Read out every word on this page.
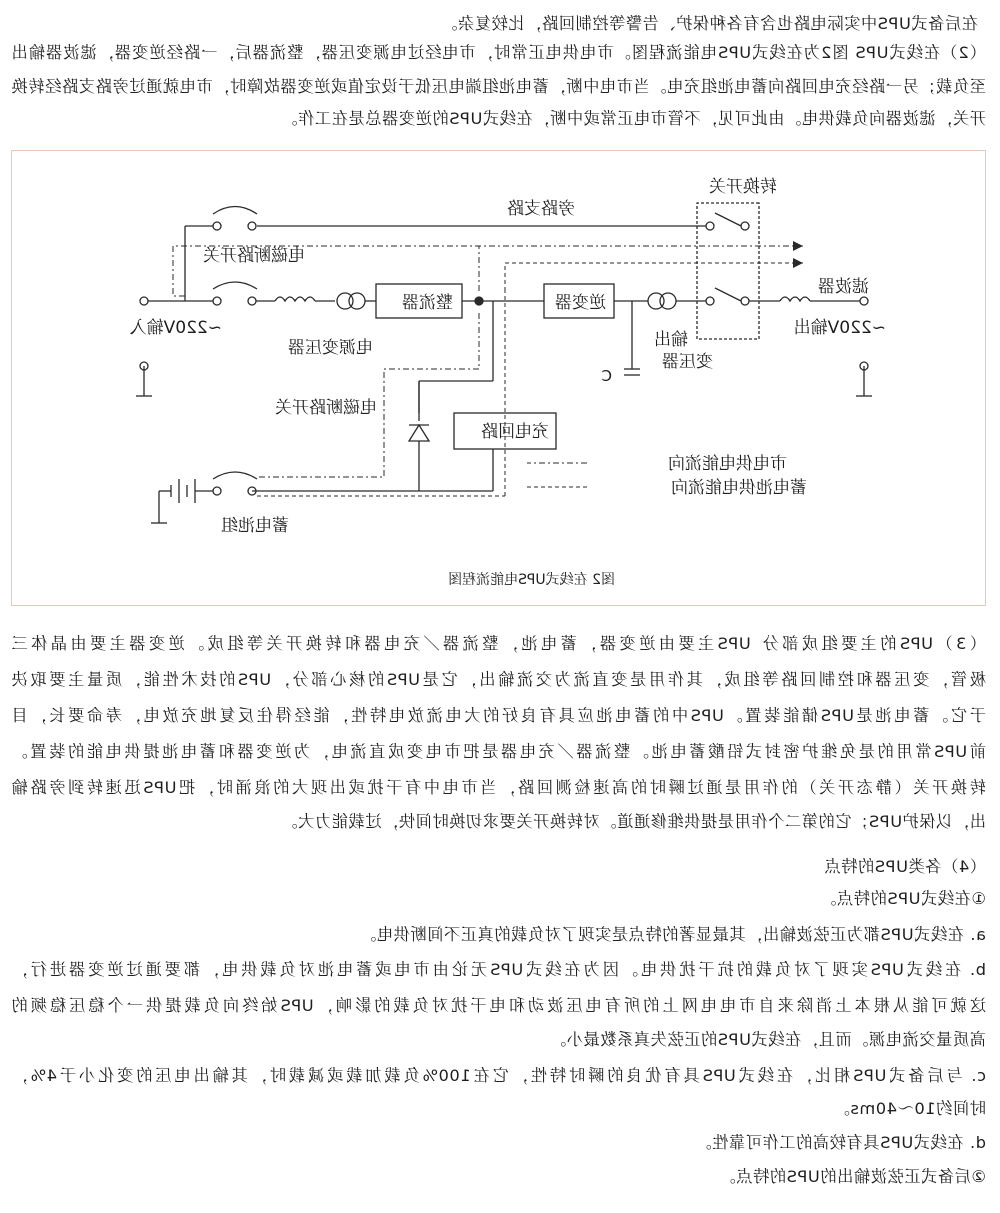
在后备式UPS中实际电路也含有各种保护、告警等控制回路，比较复杂。
（2）在线式UPS 图2为在线式UPS电能流程图。市电供电正常时，市电经过电源变压器，整流器后，一路经逆变器，滤波器输出
至负载；另一路经充电回路向蓄电池组充电。当市电中断，蓄电池组端电压低于设定值或逆变器故障时，市电就通过旁路支路经转换
开关，滤波器向负载供电。由此可见，不管市电正常或中断，在线式UPS的逆变器总是在工作。
转换开关
旁路支路
电磁断路开关
滤波器
~220V输出
输出
变压器
C
逆变器
整流器
~220V输入
电源变压器
电磁断路开关
充电回路
市电供电能流向
蓄电池供电能流向
蓄电池组
图2 在线式UPS电能流程图
（3）UPS的主要组成部分 UPS主要由逆变器，蓄电池，整流器／充电器和转换开关等组成。逆变器主要由晶体三
极管，变压器和控制回路等组成，其作用是变直流为交流输出，它是UPS的核心部分，UPS的技术性能，质量主要取决
于它。蓄电池是UPS储能装置。UPS中的蓄电池应具有良好的大电流放电特性，能经得住反复地充放电，寿命要长，目
前UPS常用的是免维护密封式铅酸蓄电池。整流器／充电器是把市电变成直流电，为逆变器和蓄电池提供电能的装置。
转换开关（静态开关）的作用是通过瞬时的高速检测回路，当市电中有干扰或出现大的浪涌时，把UPS迅速转到旁路输
出，以保护UPS；它的第二个作用是提供维修通道。对转换开关要求切换时间快，过载能力大。
（4）各类UPS的特点
①在线式UPS的特点。
a. 在线式UPS都为正弦波输出，其最显著的特点是实现了对负载的真正不间断供电。
b. 在线式UPS实现了对负载的抗干扰供电。因为在线式UPS无论由市电或蓄电池对负载供电，都要通过逆变器进行，
这就可能从根本上消除来自市电电网上的所有电压波动和电干扰对负载的影响，UPS始终向负载提供一个稳压稳频的
高质量交流电源。而且，在线式UPS的正弦失真系数最小。
c. 与后备式UPS相比，在线式UPS具有优良的瞬时特性，它在100%负载加载或减载时，其输出电压的变化小于4%，
时间约10～40ms。
d. 在线式UPS具有较高的工作可靠性。
②后备式正弦波输出的UPS的特点。
